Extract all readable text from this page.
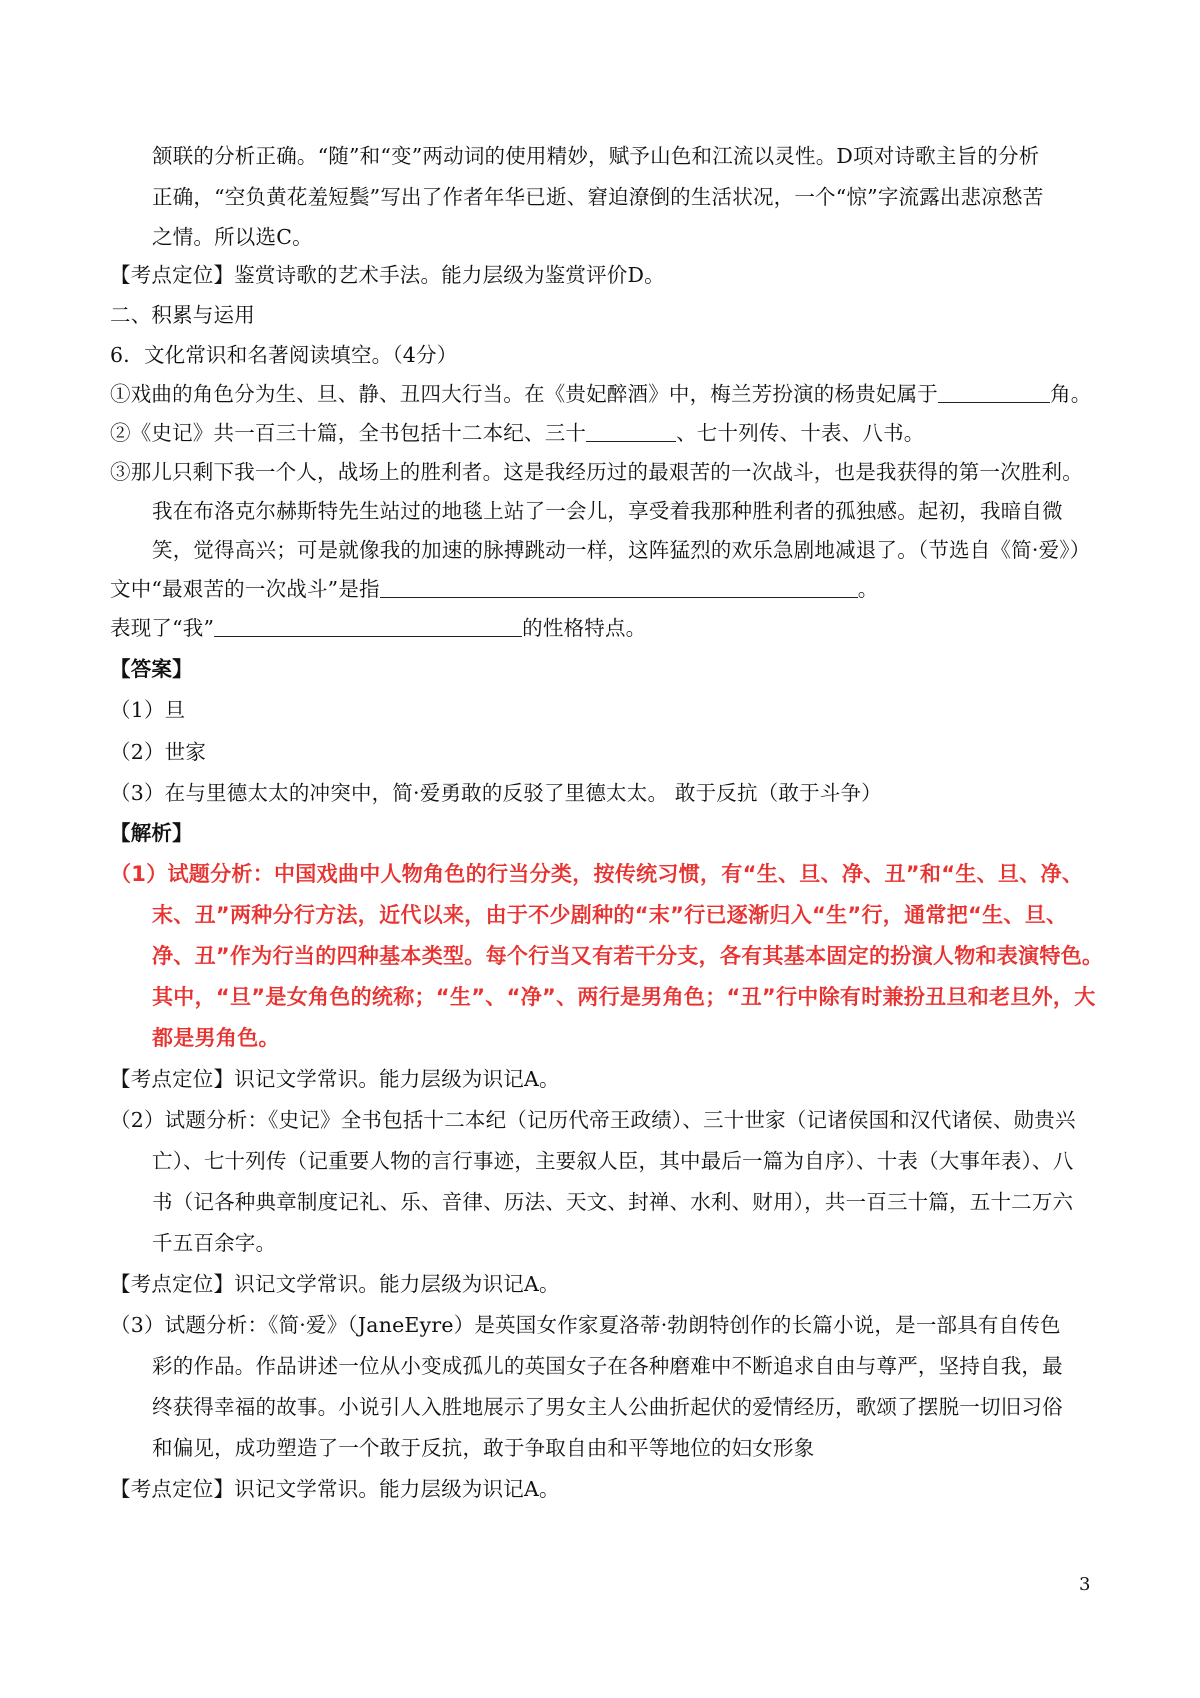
颔联的分析正确。“随”和“变”两动词的使用精妙，赋予山色和江流以灵性。D项对诗歌主旨的分析
正确，“空负黄花羞短鬓”写出了作者年华已逝、窘迫潦倒的生活状况，一个“惊”字流露出悲凉愁苦
之情。所以选C。
【考点定位】鉴赏诗歌的艺术手法。能力层级为鉴赏评价D。
二、积累与运用
6．文化常识和名著阅读填空。（4分）
①戏曲的角色分为生、旦、静、丑四大行当。在《贵妃醉酒》中，梅兰芳扮演的杨贵妃属于	角。
②《史记》共一百三十篇，全书包括十二本纪、三十	、七十列传、十表、八书。
③那儿只剩下我一个人，战场上的胜利者。这是我经历过的最艰苦的一次战斗，也是我获得的第一次胜利。
我在布洛克尔赫斯特先生站过的地毯上站了一会儿，享受着我那种胜利者的孤独感。起初，我暗自微
笑，觉得高兴；可是就像我的加速的脉搏跳动一样，这阵猛烈的欢乐急剧地减退了。（节选自《简·爱》）
文中“最艰苦的一次战斗”是指	。
表现了“我”	的性格特点。
【答案】
（1）旦
（2）世家
（3）在与里德太太的冲突中，简·爱勇敢的反驳了里德太太。 敢于反抗（敢于斗争）
【解析】
（1）试题分析：中国戏曲中人物角色的行当分类，按传统习惯，有“生、旦、净、丑”和“生、旦、净、
末、丑”两种分行方法，近代以来，由于不少剧种的“末”行已逐渐归入“生”行，通常把“生、旦、
净、丑”作为行当的四种基本类型。每个行当又有若干分支，各有其基本固定的扮演人物和表演特色。
其中，“旦”是女角色的统称；“生”、“净”、两行是男角色；“丑”行中除有时兼扮丑旦和老旦外，大
都是男角色。
【考点定位】识记文学常识。能力层级为识记A。
（2）试题分析：《史记》全书包括十二本纪（记历代帝王政绩）、三十世家（记诸侯国和汉代诸侯、勋贵兴
亡）、七十列传（记重要人物的言行事迹，主要叙人臣，其中最后一篇为自序）、十表（大事年表）、八
书（记各种典章制度记礼、乐、音律、历法、天文、封禅、水利、财用），共一百三十篇，五十二万六
千五百余字。
【考点定位】识记文学常识。能力层级为识记A。
（3）试题分析：《简·爱》（JaneEyre）是英国女作家夏洛蒂·勃朗特创作的长篇小说，是一部具有自传色
彩的作品。作品讲述一位从小变成孤儿的英国女子在各种磨难中不断追求自由与尊严，坚持自我，最
终获得幸福的故事。小说引人入胜地展示了男女主人公曲折起伏的爱情经历，歌颂了摆脱一切旧习俗
和偏见，成功塑造了一个敢于反抗，敢于争取自由和平等地位的妇女形象
【考点定位】识记文学常识。能力层级为识记A。
3
